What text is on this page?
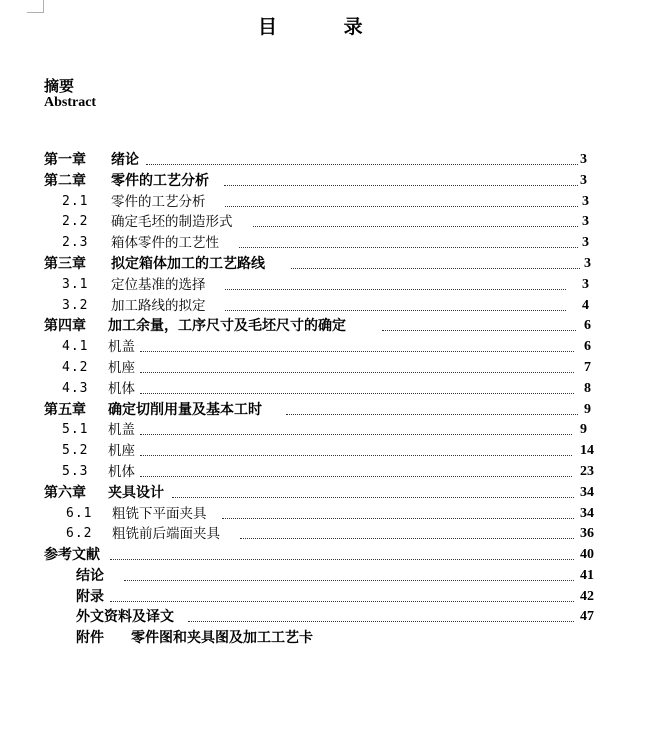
目 录
摘要
Abstract
第一章 绪论	3
第二章 零件的工艺分析	3
2.1 零件的工艺分析	3
2.2 确定毛坯的制造形式	3
2.3 箱体零件的工艺性	3
第三章 拟定箱体加工的工艺路线	3
3.1 定位基准的选择	3
3.2 加工路线的拟定	4
第四章 加工余量，工序尺寸及毛坯尺寸的确定	6
4.1 机盖	6
4.2 机座	7
4.3 机体	8
第五章 确定切削用量及基本工时	9
5.1 机盖	9
5.2 机座	14
5.3 机体	23
第六章 夹具设计	34
6.1 粗铣下平面夹具	34
6.2 粗铣前后端面夹具	36
参考文献	40
结论	41
附录	42
外文资料及译文	47
附件 零件图和夹具图及加工工艺卡
